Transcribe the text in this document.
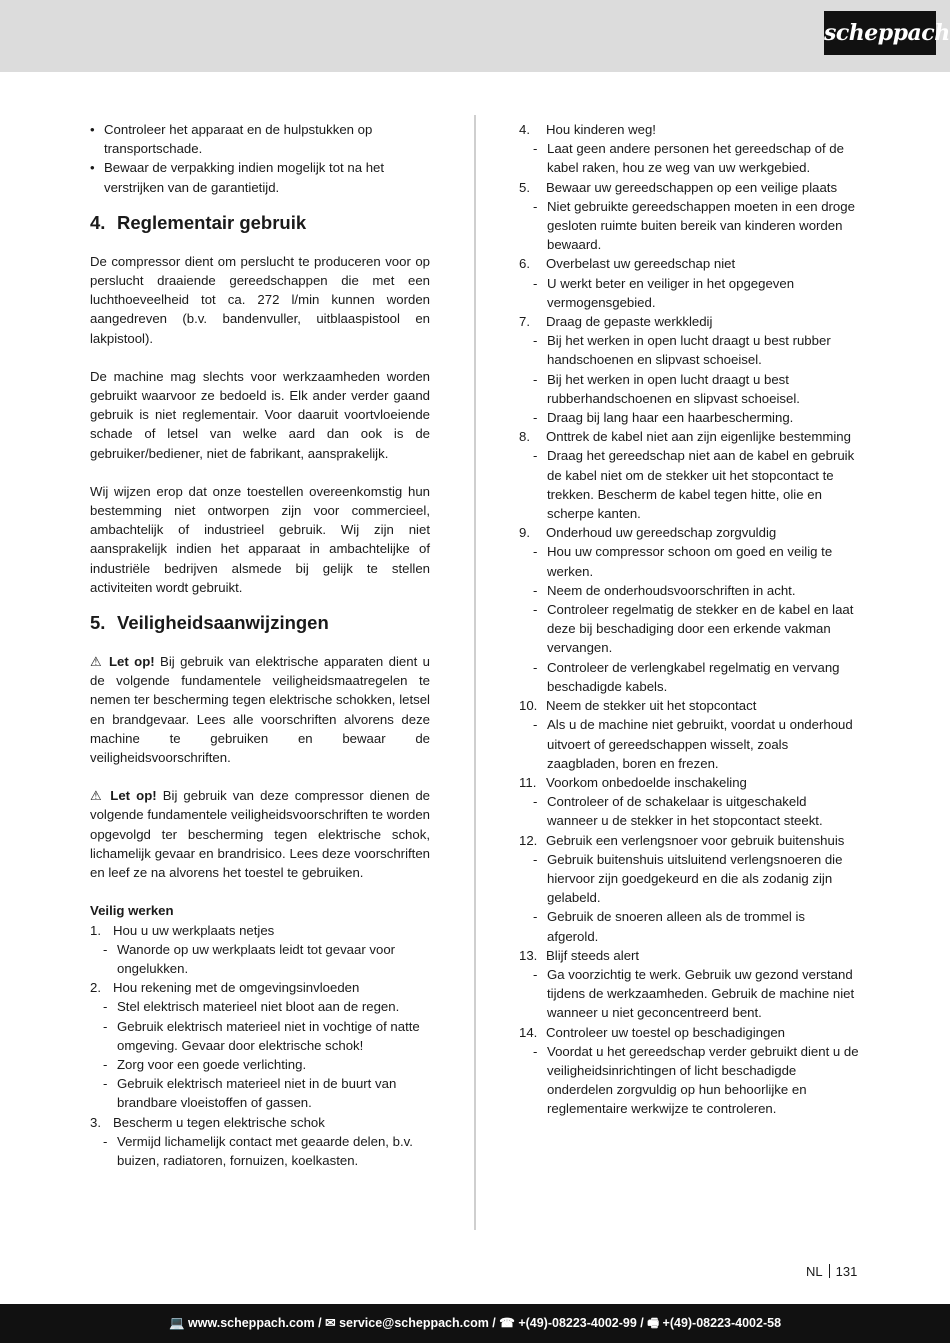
scheppach
• Controleer het apparaat en de hulpstukken op transportschade.
• Bewaar de verpakking indien mogelijk tot na het verstrijken van de garantietijd.
4. Reglementair gebruik

De compressor dient om perslucht te produceren voor op perslucht draaiende gereedschappen die met een luchthoeveelheid tot ca. 272 l/min kunnen worden aangedreven (b.v. bandenvuller, uitblaaspistool en lakpistool).

De machine mag slechts voor werkzaamheden worden gebruikt waarvoor ze bedoeld is. Elk ander verder gaand gebruik is niet reglementair. Voor daaruit voortvloeiende schade of letsel van welke aard dan ook is de gebruiker/bediener, niet de fabrikant, aansprakelijk.

Wij wijzen erop dat onze toestellen overeenkomstig hun bestemming niet ontworpen zijn voor commercieel, ambachtelijk of industrieel gebruik. Wij zijn niet aansprakelijk indien het apparaat in ambachtelijke of industriële bedrijven alsmede bij gelijk te stellen activiteiten wordt gebruikt.

5. Veiligheidsaanwijzingen

⚠ Let op! Bij gebruik van elektrische apparaten dient u de volgende fundamentele veiligheidsmaatregelen te nemen ter bescherming tegen elektrische schokken, letsel en brandgevaar. Lees alle voorschriften alvorens deze machine te gebruiken en bewaar de veiligheidsvoorschriften.

⚠ Let op! Bij gebruik van deze compressor dienen de volgende fundamentele veiligheidsvoorschriften te worden opgevolgd ter bescherming tegen elektrische schok, lichamelijk gevaar en brandrisico. Lees deze voorschriften en leef ze na alvorens het toestel te gebruiken.

Veilig werken
1. Hou u uw werkplaats netjes
- Wanorde op uw werkplaats leidt tot gevaar voor ongelukken.
2. Hou rekening met de omgevingsinvloeden
- Stel elektrisch materieel niet bloot aan de regen.
- Gebruik elektrisch materieel niet in vochtige of natte omgeving. Gevaar door elektrische schok!
- Zorg voor een goede verlichting.
- Gebruik elektrisch materieel niet in de buurt van brandbare vloeistoffen of gassen.
3. Bescherm u tegen elektrische schok
- Vermijd lichamelijk contact met geaarde delen, b.v. buizen, radiatoren, fornuizen, koelkasten.
4. Hou kinderen weg!
- Laat geen andere personen het gereedschap of de kabel raken, hou ze weg van uw werkgebied.
5. Bewaar uw gereedschappen op een veilige plaats
- Niet gebruikte gereedschappen moeten in een droge gesloten ruimte buiten bereik van kinderen worden bewaard.
6. Overbelast uw gereedschap niet
- U werkt beter en veiliger in het opgegeven vermogensgebied.
7. Draag de gepaste werkkledij
- Bij het werken in open lucht draagt u best rubber handschoenen en slipvast schoeisel.
- Bij het werken in open lucht draagt u best rubberhandschoenen en slipvast schoeisel.
- Draag bij lang haar een haarbescherming.
8. Onttrek de kabel niet aan zijn eigenlijke bestemming
- Draag het gereedschap niet aan de kabel en gebruik de kabel niet om de stekker uit het stopcontact te trekken. Bescherm de kabel tegen hitte, olie en scherpe kanten.
9. Onderhoud uw gereedschap zorgvuldig
- Hou uw compressor schoon om goed en veilig te werken.
- Neem de onderhoudsvoorschriften in acht.
- Controleer regelmatig de stekker en de kabel en laat deze bij beschadiging door een erkende vakman vervangen.
- Controleer de verlengkabel regelmatig en vervang beschadigde kabels.
10. Neem de stekker uit het stopcontact
- Als u de machine niet gebruikt, voordat u onderhoud uitvoert of gereedschappen wisselt, zoals zaagbladen, boren en frezen.
11. Voorkom onbedoelde inschakeling
- Controleer of de schakelaar is uitgeschakeld wanneer u de stekker in het stopcontact steekt.
12. Gebruik een verlengsnoer voor gebruik buitenshuis
- Gebruik buitenshuis uitsluitend verlengsnoeren die hiervoor zijn goedgekeurd en die als zodanig zijn gelabeld.
- Gebruik de snoeren alleen als de trommel is afgerold.
13. Blijf steeds alert
- Ga voorzichtig te werk. Gebruik uw gezond verstand tijdens de werkzaamheden. Gebruik de machine niet wanneer u niet geconcentreerd bent.
14. Controleer uw toestel op beschadigingen
- Voordat u het gereedschap verder gebruikt dient u de veiligheidsinrichtingen of licht beschadigde onderdelen zorgvuldig op hun behoorlijke en reglementaire werkwijze te controleren.
NL 131
💻 www.scheppach.com / ✉ service@scheppach.com / ☎ +(49)-08223-4002-99 / 🖷 +(49)-08223-4002-58
